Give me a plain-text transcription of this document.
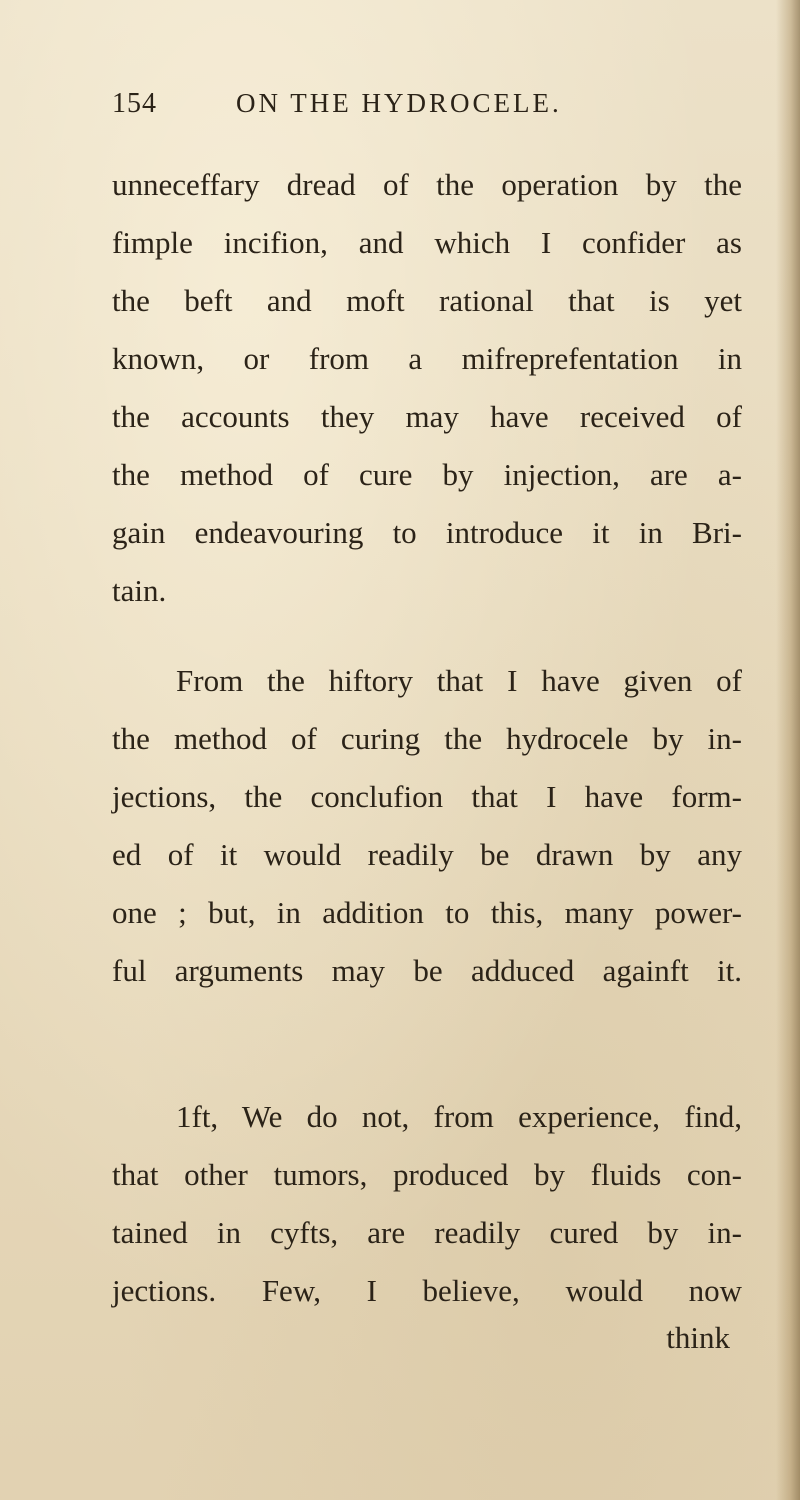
154	ON THE HYDROCELE.
unneceffary dread of the operation by the
fimple incifion, and which I confider as
the beft and moft rational that is yet
known, or from a mifreprefentation in
the accounts they may have received of
the method of cure by injection, are a-
gain endeavouring to introduce it in Bri-
tain.
From the hiftory that I have given of
the method of curing the hydrocele by in-
jections, the conclufion that I have form-
ed of it would readily be drawn by any
one ; but, in addition to this, many power-
ful arguments may be adduced againft it.
1ft, We do not, from experience, find,
that other tumors, produced by fluids con-
tained in cyfts, are readily cured by in-
jections. Few, I believe, would now
think
